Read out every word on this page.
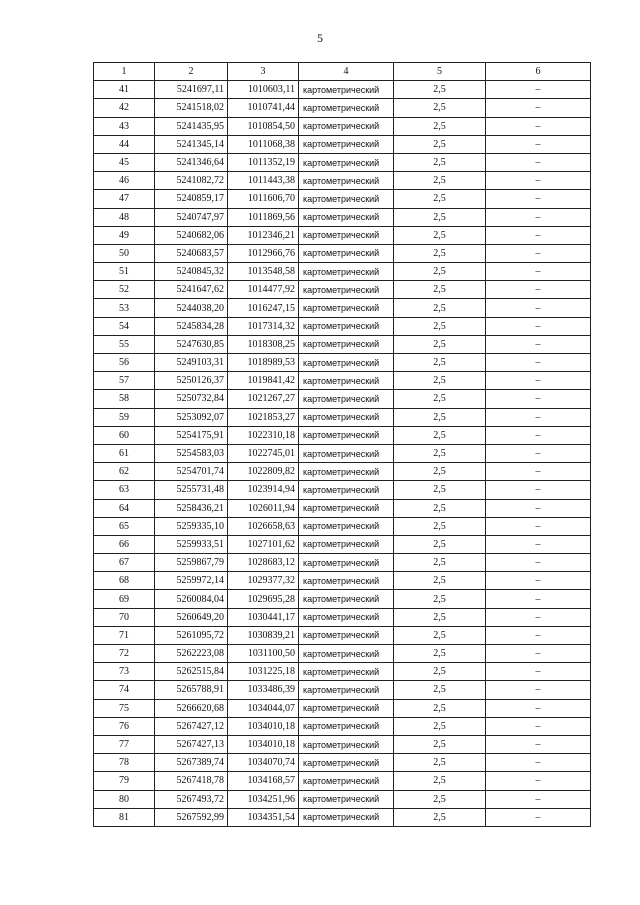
5
1	2	3	4	5	6
41	5241697,11	1010603,11	картометрический	2,5	–
42	5241518,02	1010741,44	картометрический	2,5	–
43	5241435,95	1010854,50	картометрический	2,5	–
44	5241345,14	1011068,38	картометрический	2,5	–
45	5241346,64	1011352,19	картометрический	2,5	–
46	5241082,72	1011443,38	картометрический	2,5	–
47	5240859,17	1011606,70	картометрический	2,5	–
48	5240747,97	1011869,56	картометрический	2,5	–
49	5240682,06	1012346,21	картометрический	2,5	–
50	5240683,57	1012966,76	картометрический	2,5	–
51	5240845,32	1013548,58	картометрический	2,5	–
52	5241647,62	1014477,92	картометрический	2,5	–
53	5244038,20	1016247,15	картометрический	2,5	–
54	5245834,28	1017314,32	картометрический	2,5	–
55	5247630,85	1018308,25	картометрический	2,5	–
56	5249103,31	1018989,53	картометрический	2,5	–
57	5250126,37	1019841,42	картометрический	2,5	–
58	5250732,84	1021267,27	картометрический	2,5	–
59	5253092,07	1021853,27	картометрический	2,5	–
60	5254175,91	1022310,18	картометрический	2,5	–
61	5254583,03	1022745,01	картометрический	2,5	–
62	5254701,74	1022809,82	картометрический	2,5	–
63	5255731,48	1023914,94	картометрический	2,5	–
64	5258436,21	1026011,94	картометрический	2,5	–
65	5259335,10	1026658,63	картометрический	2,5	–
66	5259933,51	1027101,62	картометрический	2,5	–
67	5259867,79	1028683,12	картометрический	2,5	–
68	5259972,14	1029377,32	картометрический	2,5	–
69	5260084,04	1029695,28	картометрический	2,5	–
70	5260649,20	1030441,17	картометрический	2,5	–
71	5261095,72	1030839,21	картометрический	2,5	–
72	5262223,08	1031100,50	картометрический	2,5	–
73	5262515,84	1031225,18	картометрический	2,5	–
74	5265788,91	1033486,39	картометрический	2,5	–
75	5266620,68	1034044,07	картометрический	2,5	–
76	5267427,12	1034010,18	картометрический	2,5	–
77	5267427,13	1034010,18	картометрический	2,5	–
78	5267389,74	1034070,74	картометрический	2,5	–
79	5267418,78	1034168,57	картометрический	2,5	–
80	5267493,72	1034251,96	картометрический	2,5	–
81	5267592,99	1034351,54	картометрический	2,5	–
